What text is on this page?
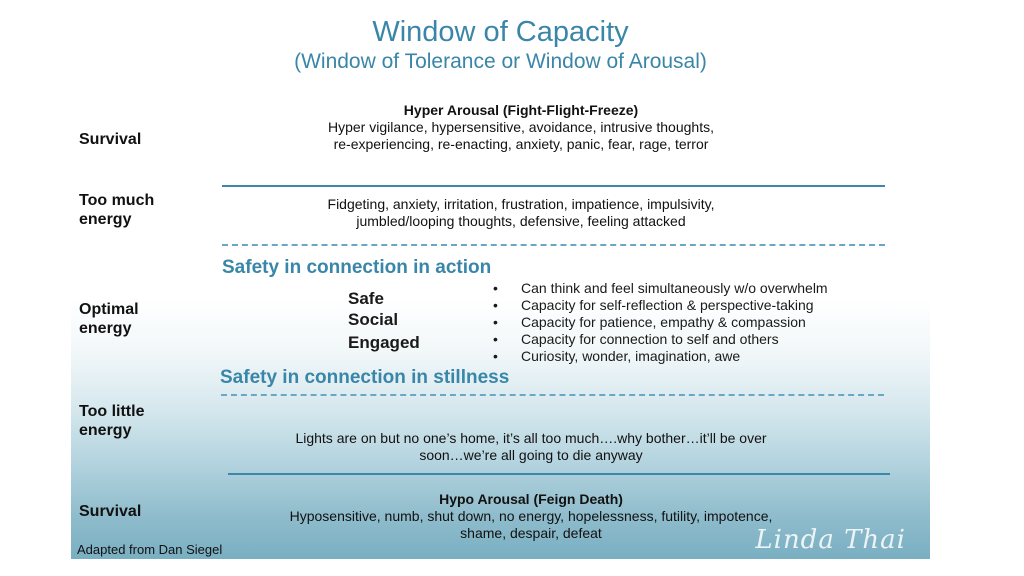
Window of Capacity
(Window of Tolerance or Window of Arousal)
Survival
Too much energy
Optimal energy
Too little energy
Survival
Hyper Arousal (Fight-Flight-Freeze)
Hyper vigilance, hypersensitive, avoidance, intrusive thoughts,
re-experiencing, re-enacting, anxiety, panic, fear, rage, terror
Fidgeting, anxiety, irritation, frustration, impatience, impulsivity,
jumbled/looping thoughts, defensive, feeling attacked
Safety in connection in action
Safe
Social
Engaged
• Can think and feel simultaneously w/o overwhelm
• Capacity for self-reflection & perspective-taking
• Capacity for patience, empathy & compassion
• Capacity for connection to self and others
• Curiosity, wonder, imagination, awe
Safety in connection in stillness
Lights are on but no one’s home, it’s all too much….why bother…it’ll be over
soon…we’re all going to die anyway
Hypo Arousal (Feign Death)
Hyposensitive, numb, shut down, no energy, hopelessness, futility, impotence,
shame, despair, defeat	Linda Thai
Adapted from Dan Siegel
